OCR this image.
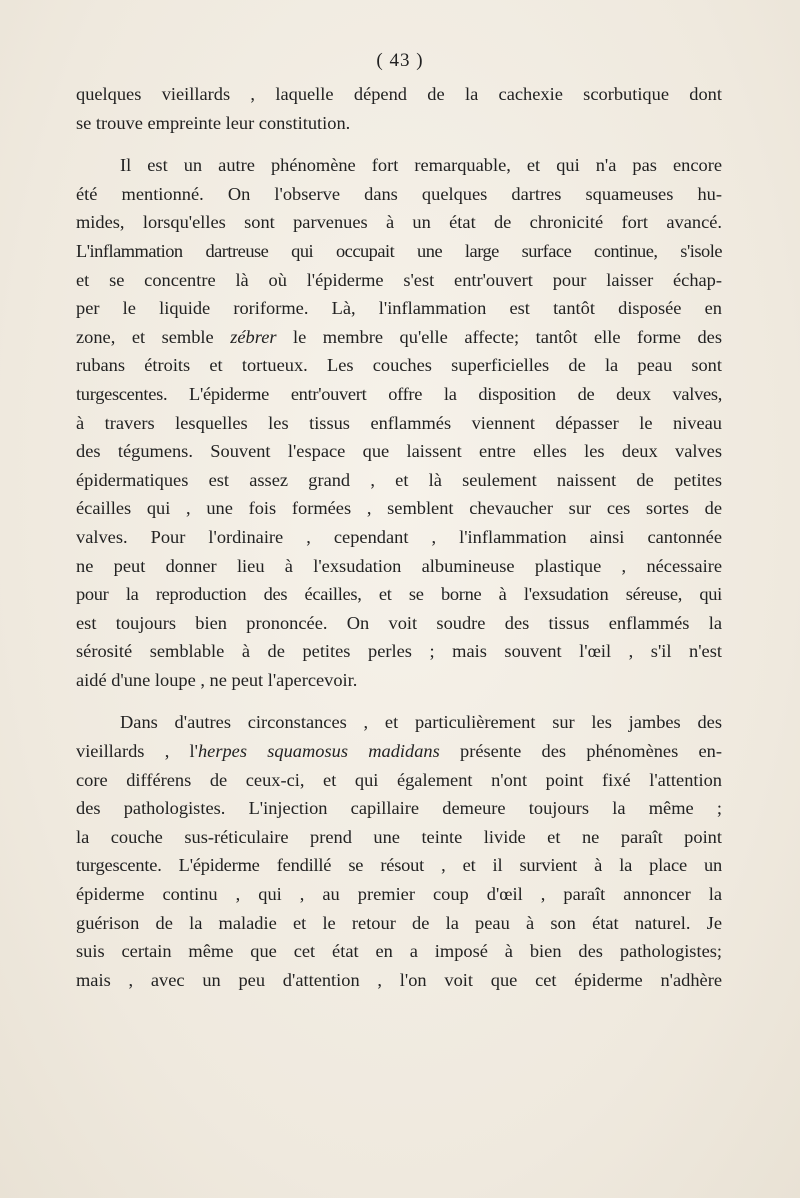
( 43 )

quelques vieillards , laquelle dépend de la cachexie scorbutique dont
se trouve empreinte leur constitution.

Il est un autre phénomène fort remarquable, et qui n'a pas encore
été mentionné. On l'observe dans quelques dartres squameuses hu-
mides, lorsqu'elles sont parvenues à un état de chronicité fort avancé.
L'inflammation dartreuse qui occupait une large surface continue, s'isole
et se concentre là où l'épiderme s'est entr'ouvert pour laisser échap-
per le liquide roriforme. Là, l'inflammation est tantôt disposée en
zone, et semble zébrer le membre qu'elle affecte; tantôt elle forme des
rubans étroits et tortueux. Les couches superficielles de la peau sont
turgescentes. L'épiderme entr'ouvert offre la disposition de deux valves,
à travers lesquelles les tissus enflammés viennent dépasser le niveau
des tégumens. Souvent l'espace que laissent entre elles les deux valves
épidermatiques est assez grand , et là seulement naissent de petites
écailles qui , une fois formées , semblent chevaucher sur ces sortes de
valves. Pour l'ordinaire , cependant , l'inflammation ainsi cantonnée
ne peut donner lieu à l'exsudation albumineuse plastique , nécessaire
pour la reproduction des écailles, et se borne à l'exsudation séreuse, qui
est toujours bien prononcée. On voit soudre des tissus enflammés la
sérosité semblable à de petites perles ; mais souvent l'œil , s'il n'est
aidé d'une loupe , ne peut l'apercevoir.

Dans d'autres circonstances , et particulièrement sur les jambes des
vieillards , l'herpes squamosus madidans présente des phénomènes en-
core différens de ceux-ci, et qui également n'ont point fixé l'attention
des pathologistes. L'injection capillaire demeure toujours la même ;
la couche sus-réticulaire prend une teinte livide et ne paraît point
turgescente. L'épiderme fendillé se résout , et il survient à la place un
épiderme continu , qui , au premier coup d'œil , paraît annoncer la
guérison de la maladie et le retour de la peau à son état naturel. Je
suis certain même que cet état en a imposé à bien des pathologistes;
mais , avec un peu d'attention , l'on voit que cet épiderme n'adhère
